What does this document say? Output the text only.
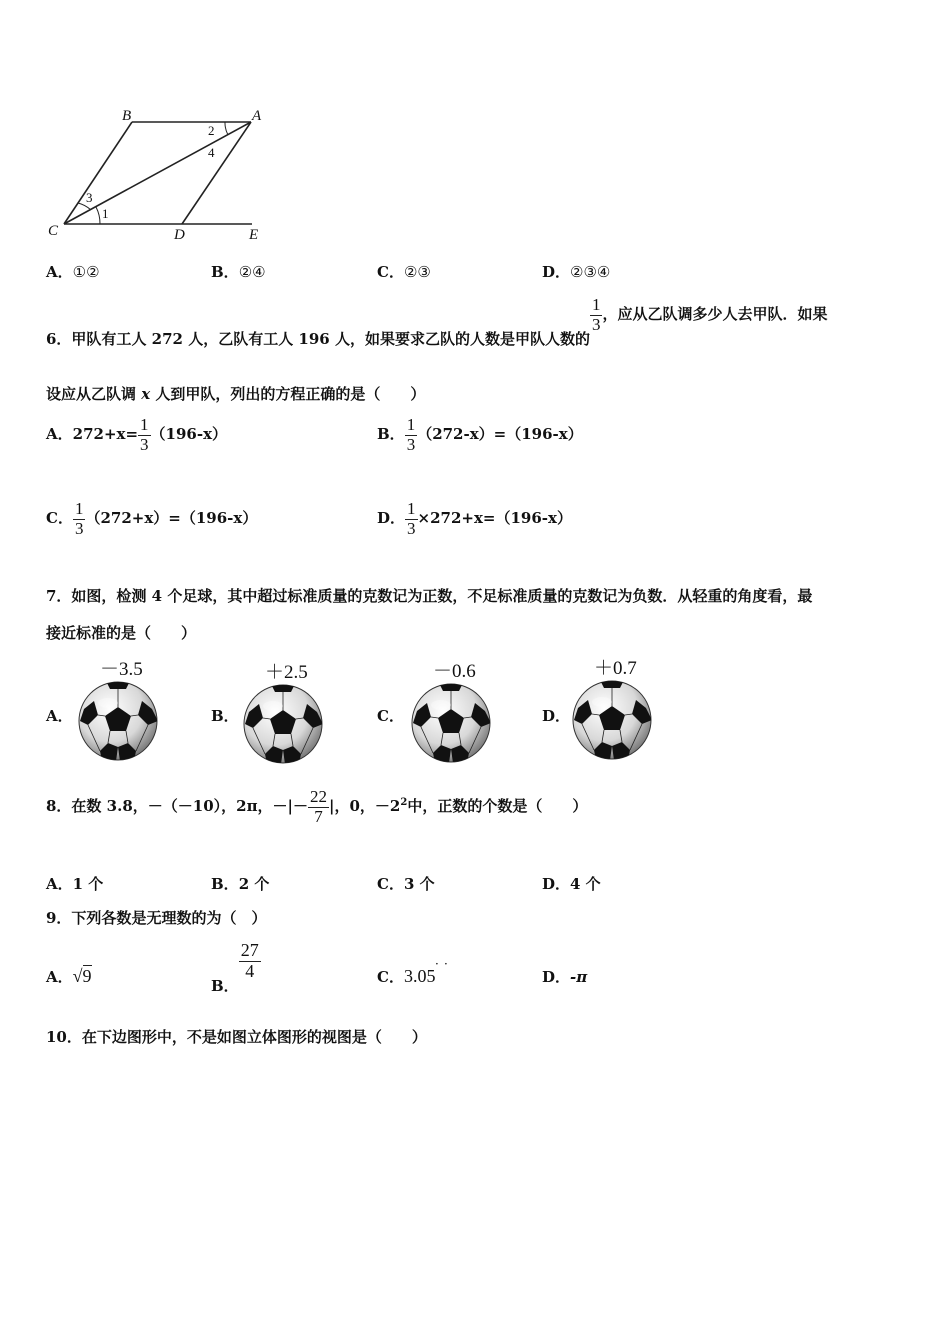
B	A
C	D	E
1
2
3
4
A．①②	B．②④	C．②③	D．②③④
6．甲队有工人 272 人，乙队有工人 196 人，如果要求乙队的人数是甲队人数的
$\frac{1}{3}$ ，应从乙队调多少人去甲队．如果
设应从乙队调 x 人到甲队，列出的方程正确的是（　　）
A．$272+x= \frac{1}{3} (196-x)$	B． $\frac{1}{3} (272-x)=(196-x)$
C． $\frac{1}{3} (272+x)=(196-x)$	D． $\frac{1}{3} \times 272+x=(196-x)$
7．如图，检测 4 个足球，其中超过标准质量的克数记为正数，不足标准质量的克数记为负数．从轻重的角度看，最
接近标准的是（　　）
A．
－3.5
B．
＋2.5
C．
－0.6
D．
＋0.7
8．在数 3.8，－（－10），2π，－|－ $\frac{22}{7}$ |，0，$-2^2$中，正数的个数是（　　）
A．1 个	B．2 个	C．3 个	D．4 个
9．下列各数是无理数的为（　）
A．√9
B．
$\frac{27}{4}$	C．3.05
· ·
D．-π
10．在下边图形中，不是如图立体图形的视图是（　　）
